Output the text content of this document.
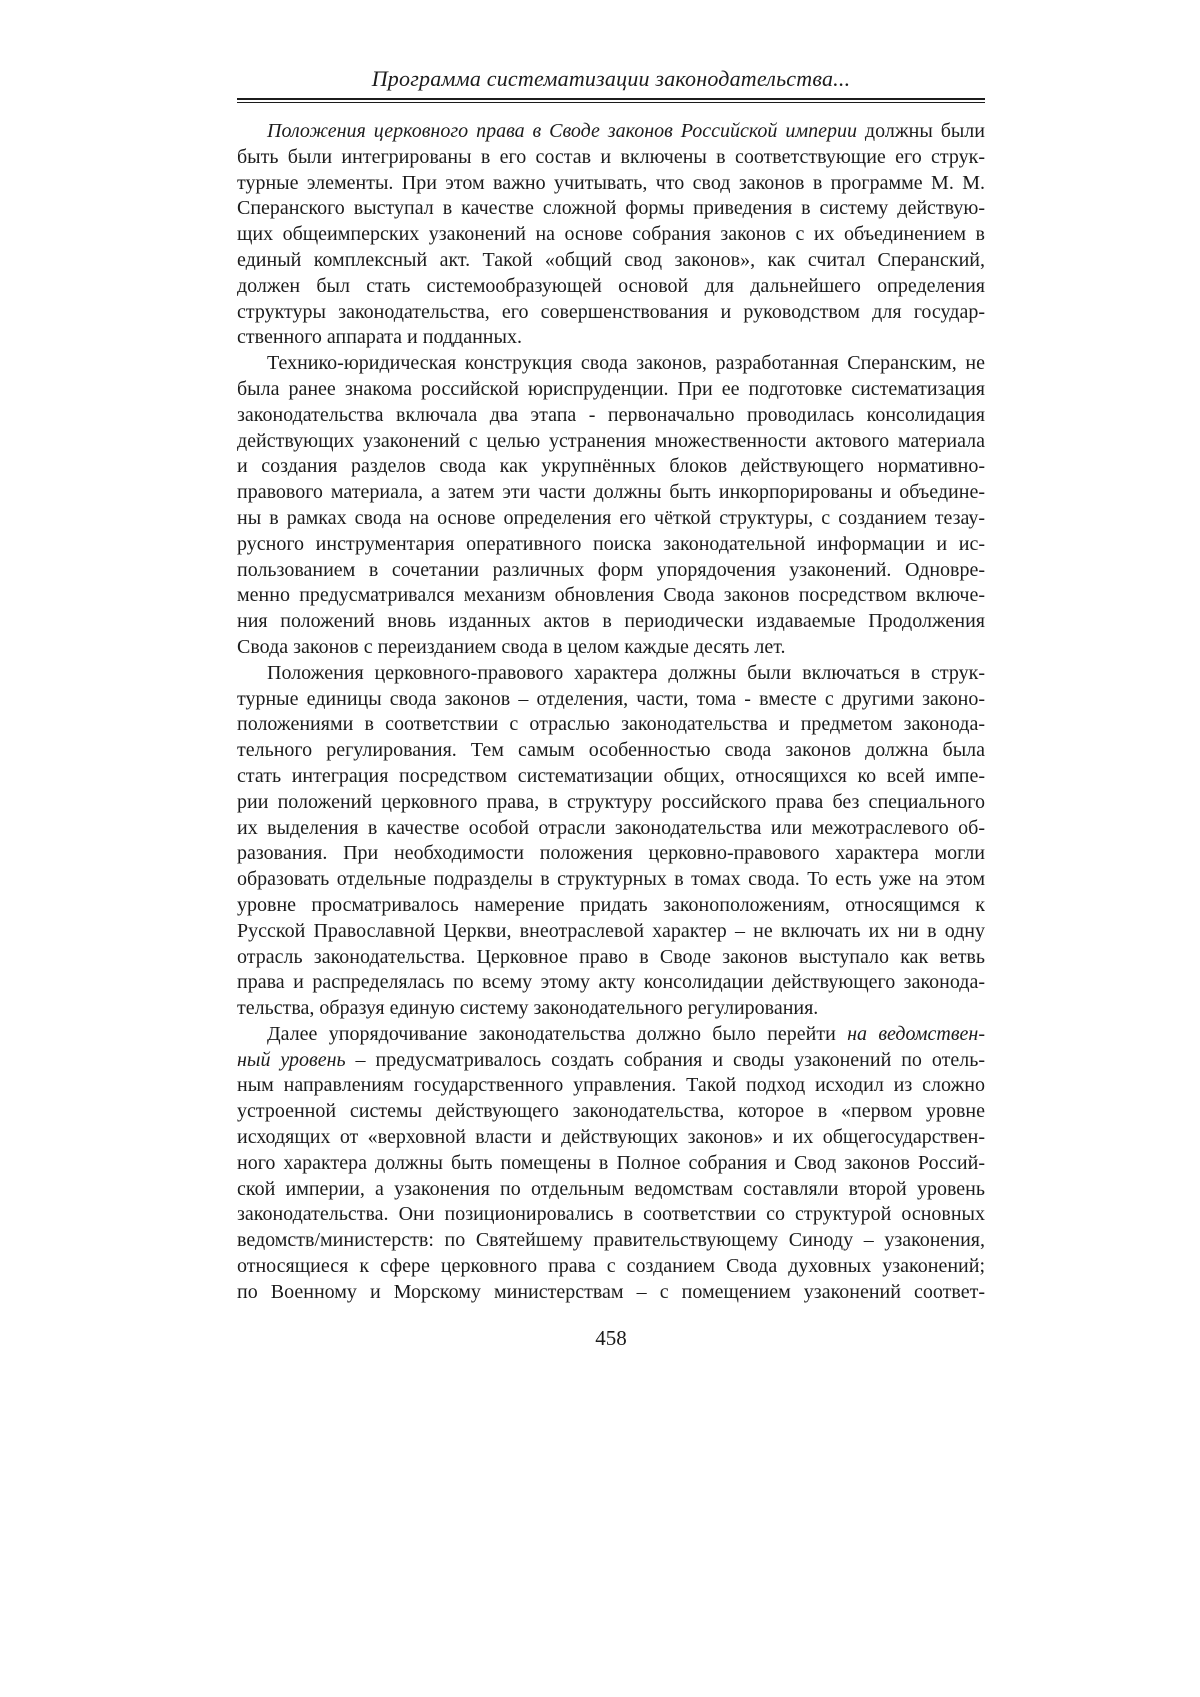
Программа систематизации законодательства...
Положения церковного права в Своде законов Российской империи должны были
быть были интегрированы в его состав и включены в соответствующие его струк-
турные элементы. При этом важно учитывать, что свод законов в программе М. М.
Сперанского выступал в качестве сложной формы приведения в систему действую-
щих общеимперских узаконений на основе собрания законов с их объединением в
единый комплексный акт. Такой «общий свод законов», как считал Сперанский,
должен был стать системообразующей основой для дальнейшего определения
структуры законодательства, его совершенствования и руководством для государ-
ственного аппарата и подданных.
Технико-юридическая конструкция свода законов, разработанная Сперанским, не
была ранее знакома российской юриспруденции. При ее подготовке систематизация
законодательства включала два этапа - первоначально проводилась консолидация
действующих узаконений с целью устранения множественности актового материала
и создания разделов свода как укрупнённых блоков действующего нормативно-
правового материала, а затем эти части должны быть инкорпорированы и объедине-
ны в рамках свода на основе определения его чёткой структуры, с созданием тезау-
русного инструментария оперативного поиска законодательной информации и ис-
пользованием в сочетании различных форм упорядочения узаконений. Одновре-
менно предусматривался механизм обновления Свода законов посредством включе-
ния положений вновь изданных актов в периодически издаваемые Продолжения
Свода законов с переизданием свода в целом каждые десять лет.
Положения церковного-правового характера должны были включаться в струк-
турные единицы свода законов – отделения, части, тома - вместе с другими законо-
положениями в соответствии с отраслью законодательства и предметом законода-
тельного регулирования. Тем самым особенностью свода законов должна была
стать интеграция посредством систематизации общих, относящихся ко всей импе-
рии положений церковного права, в структуру российского права без специального
их выделения в качестве особой отрасли законодательства или межотраслевого об-
разования. При необходимости положения церковно-правового характера могли
образовать отдельные подразделы в структурных в томах свода. То есть уже на этом
уровне просматривалось намерение придать законоположениям, относящимся к
Русской Православной Церкви, внеотраслевой характер – не включать их ни в одну
отрасль законодательства. Церковное право в Своде законов выступало как ветвь
права и распределялась по всему этому акту консолидации действующего законода-
тельства, образуя единую систему законодательного регулирования.
Далее упорядочивание законодательства должно было перейти на ведомствен-
ный уровень – предусматривалось создать собрания и своды узаконений по отель-
ным направлениям государственного управления. Такой подход исходил из сложно
устроенной системы действующего законодательства, которое в «первом уровне
исходящих от «верховной власти и действующих законов» и их общегосударствен-
ного характера должны быть помещены в Полное собрания и Свод законов Россий-
ской империи, а узаконения по отдельным ведомствам составляли второй уровень
законодательства. Они позиционировались в соответствии со структурой основных
ведомств/министерств: по Святейшему правительствующему Синоду – узаконения,
относящиеся к сфере церковного права с созданием Свода духовных узаконений;
по Военному и Морскому министерствам – с помещением узаконений соответ-
458
